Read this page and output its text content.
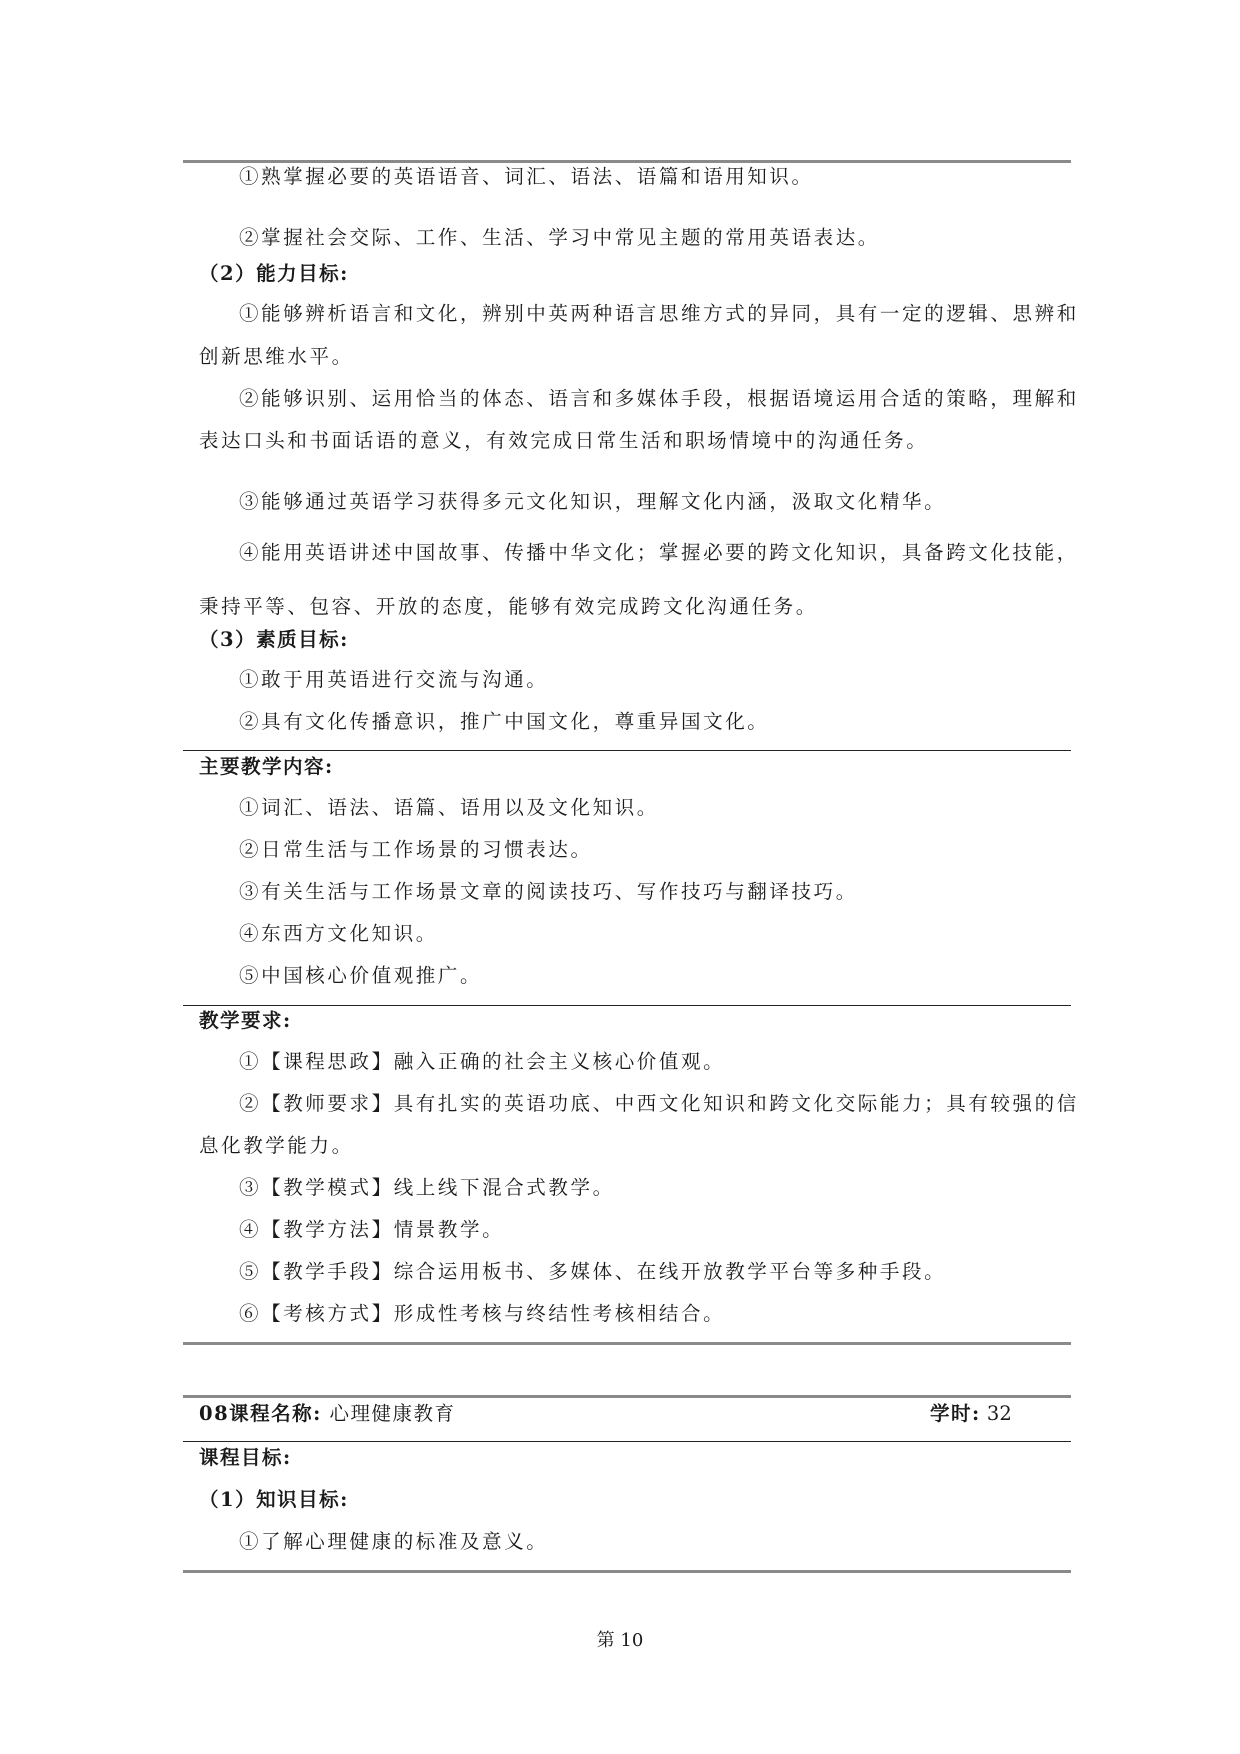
①熟掌握必要的英语语音、词汇、语法、语篇和语用知识。
②掌握社会交际、工作、生活、学习中常见主题的常用英语表达。
（2）能力目标:
①能够辨析语言和文化，辨别中英两种语言思维方式的异同，具有一定的逻辑、思辨和
创新思维水平。
②能够识别、运用恰当的体态、语言和多媒体手段，根据语境运用合适的策略，理解和
表达口头和书面话语的意义，有效完成日常生活和职场情境中的沟通任务。
③能够通过英语学习获得多元文化知识，理解文化内涵，汲取文化精华。
④能用英语讲述中国故事、传播中华文化；掌握必要的跨文化知识，具备跨文化技能，
秉持平等、包容、开放的态度，能够有效完成跨文化沟通任务。
（3）素质目标:
①敢于用英语进行交流与沟通。
②具有文化传播意识，推广中国文化，尊重异国文化。
主要教学内容:
①词汇、语法、语篇、语用以及文化知识。
②日常生活与工作场景的习惯表达。
③有关生活与工作场景文章的阅读技巧、写作技巧与翻译技巧。
④东西方文化知识。
⑤中国核心价值观推广。
教学要求:
①【课程思政】融入正确的社会主义核心价值观。
②【教师要求】具有扎实的英语功底、中西文化知识和跨文化交际能力；具有较强的信
息化教学能力。
③【教学模式】线上线下混合式教学。
④【教学方法】情景教学。
⑤【教学手段】综合运用板书、多媒体、在线开放教学平台等多种手段。
⑥【考核方式】形成性考核与终结性考核相结合。
08课程名称: 心理健康教育	学时: 32
课程目标:
（1）知识目标:
①了解心理健康的标准及意义。
第 10
